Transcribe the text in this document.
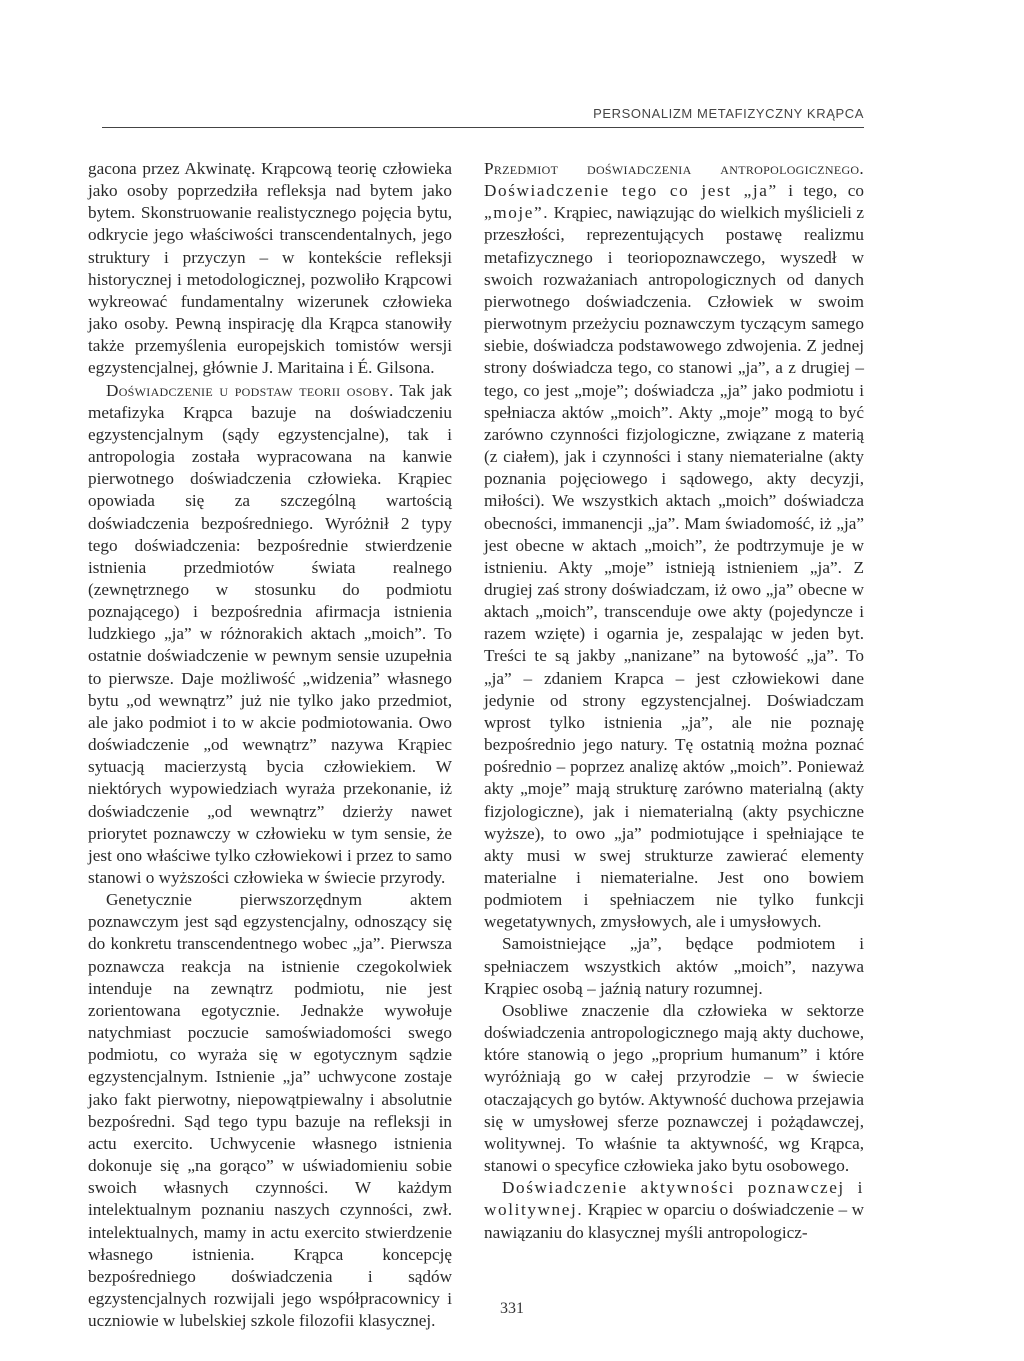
PERSONALIZM METAFIZYCZNY KRĄPCA

gacona przez Akwinatę. Krąpcową teorię człowieka jako osoby poprzedziła refleksja nad bytem jako bytem. Skonstruowanie realistycznego pojęcia bytu, odkrycie jego właściwości transcendentalnych, jego struktury i przyczyn – w kontekście refleksji historycznej i metodologicznej, pozwoliło Krąpcowi wykreować fundamentalny wizerunek człowieka jako osoby. Pewną inspirację dla Krąpca stanowiły także przemyślenia europejskich tomistów wersji egzystencjalnej, głównie J. Maritaina i É. Gilsona.

Doświadczenie u podstaw teorii osoby. Tak jak metafizyka Krąpca bazuje na doświadczeniu egzystencjalnym (sądy egzystencjalne), tak i antropologia została wypracowana na kanwie pierwotnego doświadczenia człowieka. Krąpiec opowiada się za szczególną wartością doświadczenia bezpośredniego. Wyróżnił 2 typy tego doświadczenia: bezpośrednie stwierdzenie istnienia przedmiotów świata realnego (zewnętrznego w stosunku do podmiotu poznającego) i bezpośrednia afirmacja istnienia ludzkiego „ja” w różnorakich aktach „moich”. To ostatnie doświadczenie w pewnym sensie uzupełnia to pierwsze. Daje możliwość „widzenia” własnego bytu „od wewnątrz” już nie tylko jako przedmiot, ale jako podmiot i to w akcie podmiotowania. Owo doświadczenie „od wewnątrz” nazywa Krąpiec sytuacją macierzystą bycia człowiekiem. W niektórych wypowiedziach wyraża przekonanie, iż doświadczenie „od wewnątrz” dzierży nawet priorytet poznawczy w człowieku w tym sensie, że jest ono właściwe tylko człowiekowi i przez to samo stanowi o wyższości człowieka w świecie przyrody.

Genetycznie pierwszorzędnym aktem poznawczym jest sąd egzystencjalny, odnoszący się do konkretu transcendentnego wobec „ja”. Pierwsza poznawcza reakcja na istnienie czegokolwiek intenduje na zewnątrz podmiotu, nie jest zorientowana egotycznie. Jednakże wywołuje natychmiast poczucie samoświadomości swego podmiotu, co wyraża się w egotycznym sądzie egzystencjalnym. Istnienie „ja” uchwycone zostaje jako fakt pierwotny, niepowątpiewalny i absolutnie bezpośredni. Sąd tego typu bazuje na refleksji in actu exercito. Uchwycenie własnego istnienia dokonuje się „na gorąco” w uświadomieniu sobie swoich własnych czynności. W każdym intelektualnym poznaniu naszych czynności, zwł. intelektualnych, mamy in actu exercito stwierdzenie własnego istnienia. Krąpca koncepcję bezpośredniego doświadczenia i sądów egzystencjalnych rozwijali jego współpracownicy i uczniowie w lubelskiej szkole filozofii klasycznej.

Przedmiot doświadczenia antropologicznego. Doświadczenie tego co jest „ja” i tego, co „moje”. Krąpiec, nawiązując do wielkich myślicieli z przeszłości, reprezentujących postawę realizmu metafizycznego i teoriopoznawczego, wyszedł w swoich rozważaniach antropologicznych od danych pierwotnego doświadczenia. Człowiek w swoim pierwotnym przeżyciu poznawczym tyczącym samego siebie, doświadcza podstawowego zdwojenia. Z jednej strony doświadcza tego, co stanowi „ja”, a z drugiej – tego, co jest „moje”; doświadcza „ja” jako podmiotu i spełniacza aktów „moich”. Akty „moje” mogą to być zarówno czynności fizjologiczne, związane z materią (z ciałem), jak i czynności i stany niematerialne (akty poznania pojęciowego i sądowego, akty decyzji, miłości). We wszystkich aktach „moich” doświadcza obecności, immanencji „ja”. Mam świadomość, iż „ja” jest obecne w aktach „moich”, że podtrzymuje je w istnieniu. Akty „moje” istnieją istnieniem „ja”. Z drugiej zaś strony doświadczam, iż owo „ja” obecne w aktach „moich”, transcenduje owe akty (pojedyncze i razem wzięte) i ogarnia je, zespalając w jeden byt. Treści te są jakby „nanizane” na bytowość „ja”. To „ja” – zdaniem Krapca – jest człowiekowi dane jedynie od strony egzystencjalnej. Doświadczam wprost tylko istnienia „ja”, ale nie poznaję bezpośrednio jego natury. Tę ostatnią można poznać pośrednio – poprzez analizę aktów „moich”. Ponieważ akty „moje” mają strukturę zarówno materialną (akty fizjologiczne), jak i niematerialną (akty psychiczne wyższe), to owo „ja” podmiotujące i spełniające te akty musi w swej strukturze zawierać elementy materialne i niematerialne. Jest ono bowiem podmiotem i spełniaczem nie tylko funkcji wegetatywnych, zmysłowych, ale i umysłowych.

Samoistniejące „ja”, będące podmiotem i spełniaczem wszystkich aktów „moich”, nazywa Krąpiec osobą – jaźnią natury rozumnej.

Osobliwe znaczenie dla człowieka w sektorze doświadczenia antropologicznego mają akty duchowe, które stanowią o jego „proprium humanum” i które wyróżniają go w całej przyrodzie – w świecie otaczających go bytów. Aktywność duchowa przejawia się w umysłowej sferze poznawczej i pożądawczej, wolitywnej. To właśnie ta aktywność, wg Krąpca, stanowi o specyfice człowieka jako bytu osobowego.

Doświadczenie aktywności poznawczej i wolitywnej. Krąpiec w oparciu o doświadczenie – w nawiązaniu do klasycznej myśli antropologicz-

331
